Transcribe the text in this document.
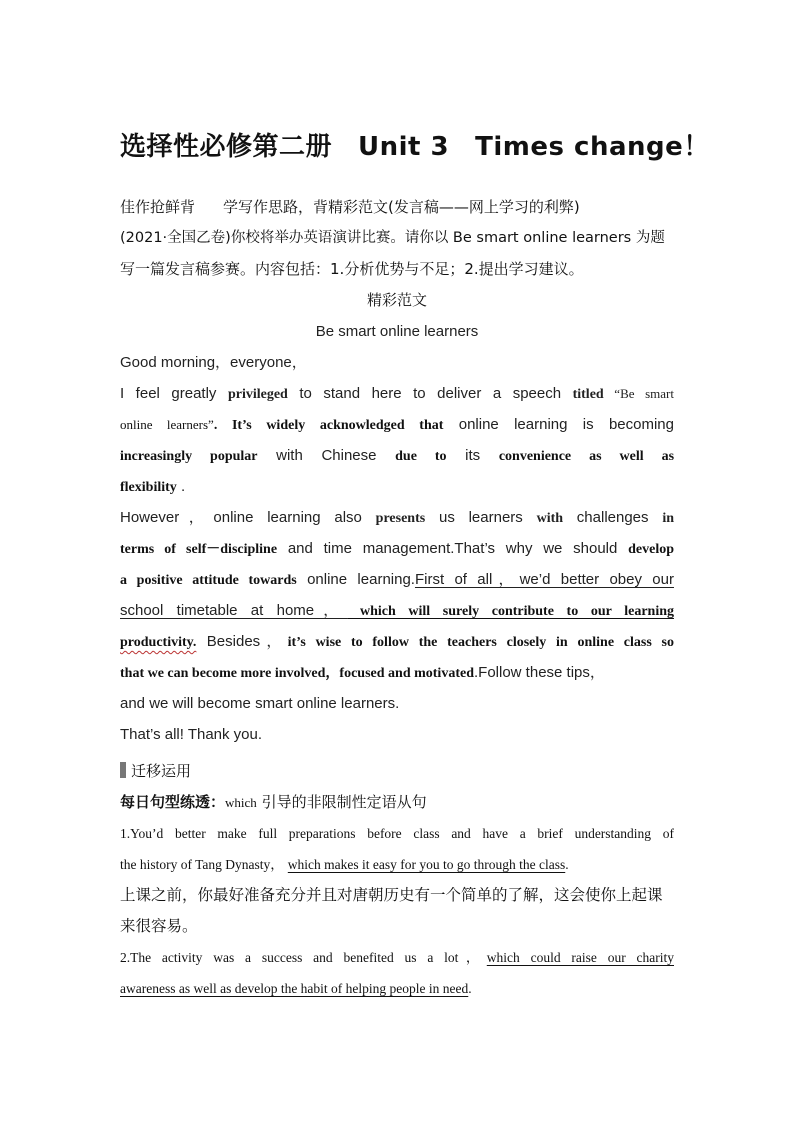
选择性必修第二册 Unit 3 Times change！
佳作抢鲜背 学写作思路，背精彩范文(发言稿——网上学习的利弊)
(2021·全国乙卷)你校将举办英语演讲比赛。请你以 Be smart online learners 为题
写一篇发言稿参赛。内容包括：1.分析优势与不足；2.提出学习建议。
精彩范文
Be smart online learners
Good morning，everyone，
I feel greatly privileged to stand here to deliver a speech titled “Be smart
online learners”. It’s widely acknowledged that online learning is becoming
increasingly popular with Chinese due to its convenience as well as
flexibility .
However，online learning also presents us learners with challenges in
terms of self－discipline and time management.That’s why we should develop
a positive attitude towards online learning.First of all，we’d better obey our
school timetable at home， which will surely contribute to our learning
productivity. Besides，it’s wise to follow the teachers closely in online class so
that we can become more involved，focused and motivated.Follow these tips，
and we will become smart online learners.
That’s all! Thank you.
迁移运用
每日句型练透：which 引导的非限制性定语从句
1.You’d better make full preparations before class and have a brief understanding of
the history of Tang Dynasty， which makes it easy for you to go through the class.
上课之前，你最好准备充分并且对唐朝历史有一个简单的了解，这会使你上起课
来很容易。
2.The activity was a success and benefited us a lot，which could raise our charity
awareness as well as develop the habit of helping people in need.
